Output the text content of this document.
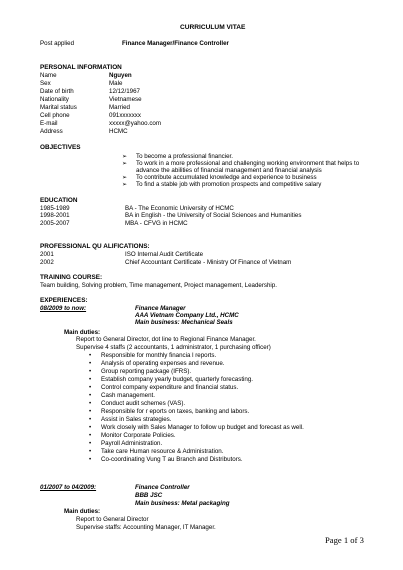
CURRICULUM VITAE
Post applied	Finance Manager/Finance Controller
PERSONAL INFORMATION
Name	Nguyen
Sex	Male
Date of birth	12/12/1967
Nationality	Vietnamese
Marital status	Married
Cell phone	091xxxxxxx
E-mail	xxxxx@yahoo.com
Address	HCMC
OBJECTIVES
➢ To become a professional financier.
➢ To work in a more professional and challenging working environment that helps to
advance the abilities of financial management and financial analysis
➢ To contribute accumulated knowledge and experience to business
➢ To find a stable job with promotion prospects and competitive salary
EDUCATION
1985-1989	BA - The Economic University of HCMC
1998-2001	BA in English - the University of Social Sciences and Humanities
2005-2007	MBA - CFVG in HCMC
PROFESSIONAL QU ALIFICATIONS:
2001	ISO Internal Audit Certificate
2002	Chief Accountant Certificate - Ministry Of Finance of Vietnam
TRAINING COURSE:
Team building, Solving problem, Time management, Project management, Leadership.
EXPERIENCES:
08/2009 to now:	Finance Manager
AAA Vietnam Company Ltd., HCMC
Main business: Mechanical Seals
Main duties:
Report to General Director, dot line to Regional Finance Manager.
Supervise 4 staffs (2 accountants, 1 administrator, 1 purchasing officer)
• Responsible for monthly financia l reports.
• Analysis of operating expenses and revenue.
• Group reporting package (IFRS).
• Establish company yearly budget, quarterly forecasting.
• Control company expenditure and financial status.
• Cash management.
• Conduct audit schemes (VAS).
• Responsible for r eports on taxes, banking and labors.
• Assist in Sales strategies.
• Work closely with Sales Manager to follow up budget and forecast as well.
• Monitor Corporate Policies.
• Payroll Administration.
• Take care Human resource & Administration.
• Co-coordinating Vung T au Branch and Distributors.
01/2007 to 04/2009:	Finance Controller
BBB JSC
Main business: Metal packaging
Main duties:
Report to General Director
Supervise staffs: Accounting Manager, IT Manager.
Page 1 of 3
